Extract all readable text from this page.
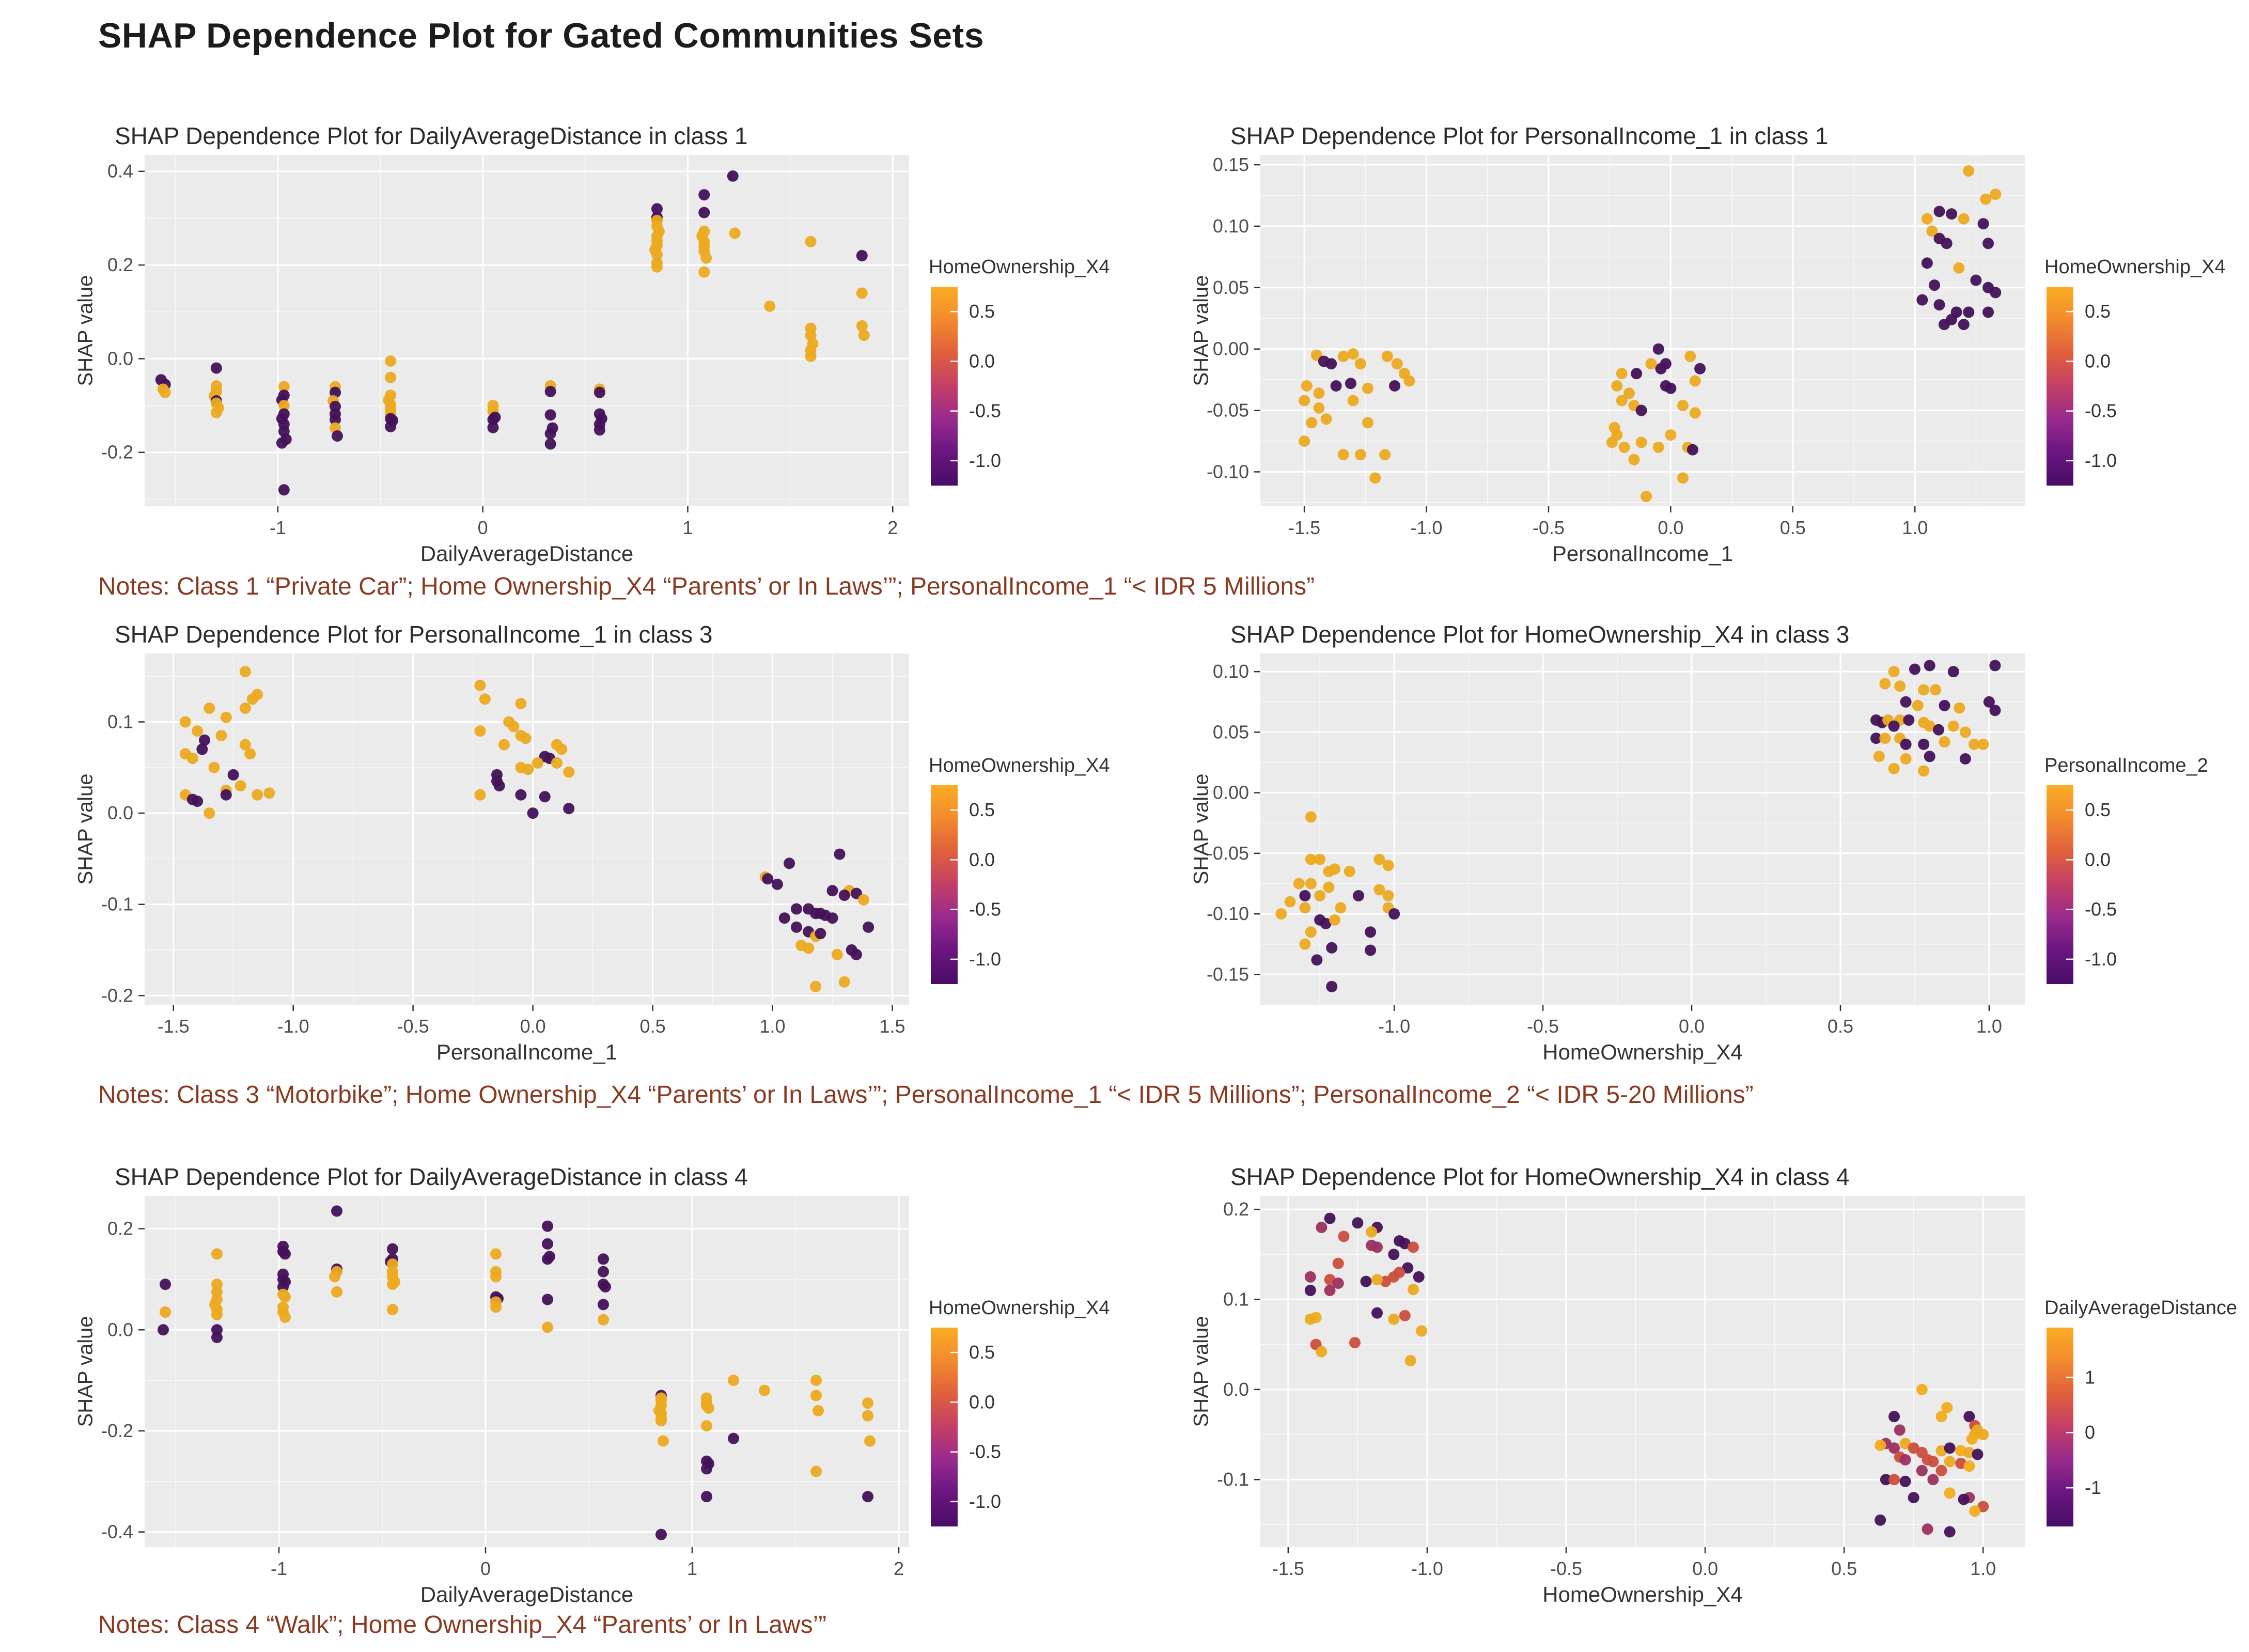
SHAP Dependence Plot for Gated Communities Sets
-1	0	1	2
0.4
0.2
0.0
-0.2
0.5
0.0
-0.5
-1.0
SHAP Dependence Plot for DailyAverageDistance in class 1
SHAP value
DailyAverageDistance
HomeOwnership_X4
-1.5	-1.0	-0.5	0.0	0.5	1.0
0.15
0.10
0.05
0.00
-0.05
-0.10
0.5
0.0
-0.5
-1.0
SHAP Dependence Plot for PersonalIncome_1 in class 1
SHAP value
PersonalIncome_1
HomeOwnership_X4
Notes: Class 1 “Private Car”; Home Ownership_X4 “Parents’ or In Laws’”; PersonalIncome_1 “< IDR 5 Millions”
-1.5	-1.0	-0.5	0.0	0.5	1.0	1.5
0.1
0.0
-0.1
-0.2
0.5
0.0
-0.5
-1.0
SHAP Dependence Plot for PersonalIncome_1 in class 3
SHAP value
PersonalIncome_1
HomeOwnership_X4
-1.0	-0.5	0.0	0.5	1.0
0.10
0.05
0.00
-0.05
-0.10
-0.15
0.5
0.0
-0.5
-1.0
SHAP Dependence Plot for HomeOwnership_X4 in class 3
SHAP value
HomeOwnership_X4
PersonalIncome_2
Notes: Class 3 “Motorbike”; Home Ownership_X4 “Parents’ or In Laws’”; PersonalIncome_1 “< IDR 5 Millions”; PersonalIncome_2 “< IDR 5-20 Millions”
-1	0	1	2
0.2
0.0
-0.2
-0.4
0.5
0.0
-0.5
-1.0
SHAP Dependence Plot for DailyAverageDistance in class 4
SHAP value
DailyAverageDistance
HomeOwnership_X4
-1.5	-1.0	-0.5	0.0	0.5	1.0
0.2
0.1
0.0
-0.1
1
0
-1
SHAP Dependence Plot for HomeOwnership_X4 in class 4
SHAP value
HomeOwnership_X4
DailyAverageDistance
Notes: Class 4 “Walk”; Home Ownership_X4 “Parents’ or In Laws’”
